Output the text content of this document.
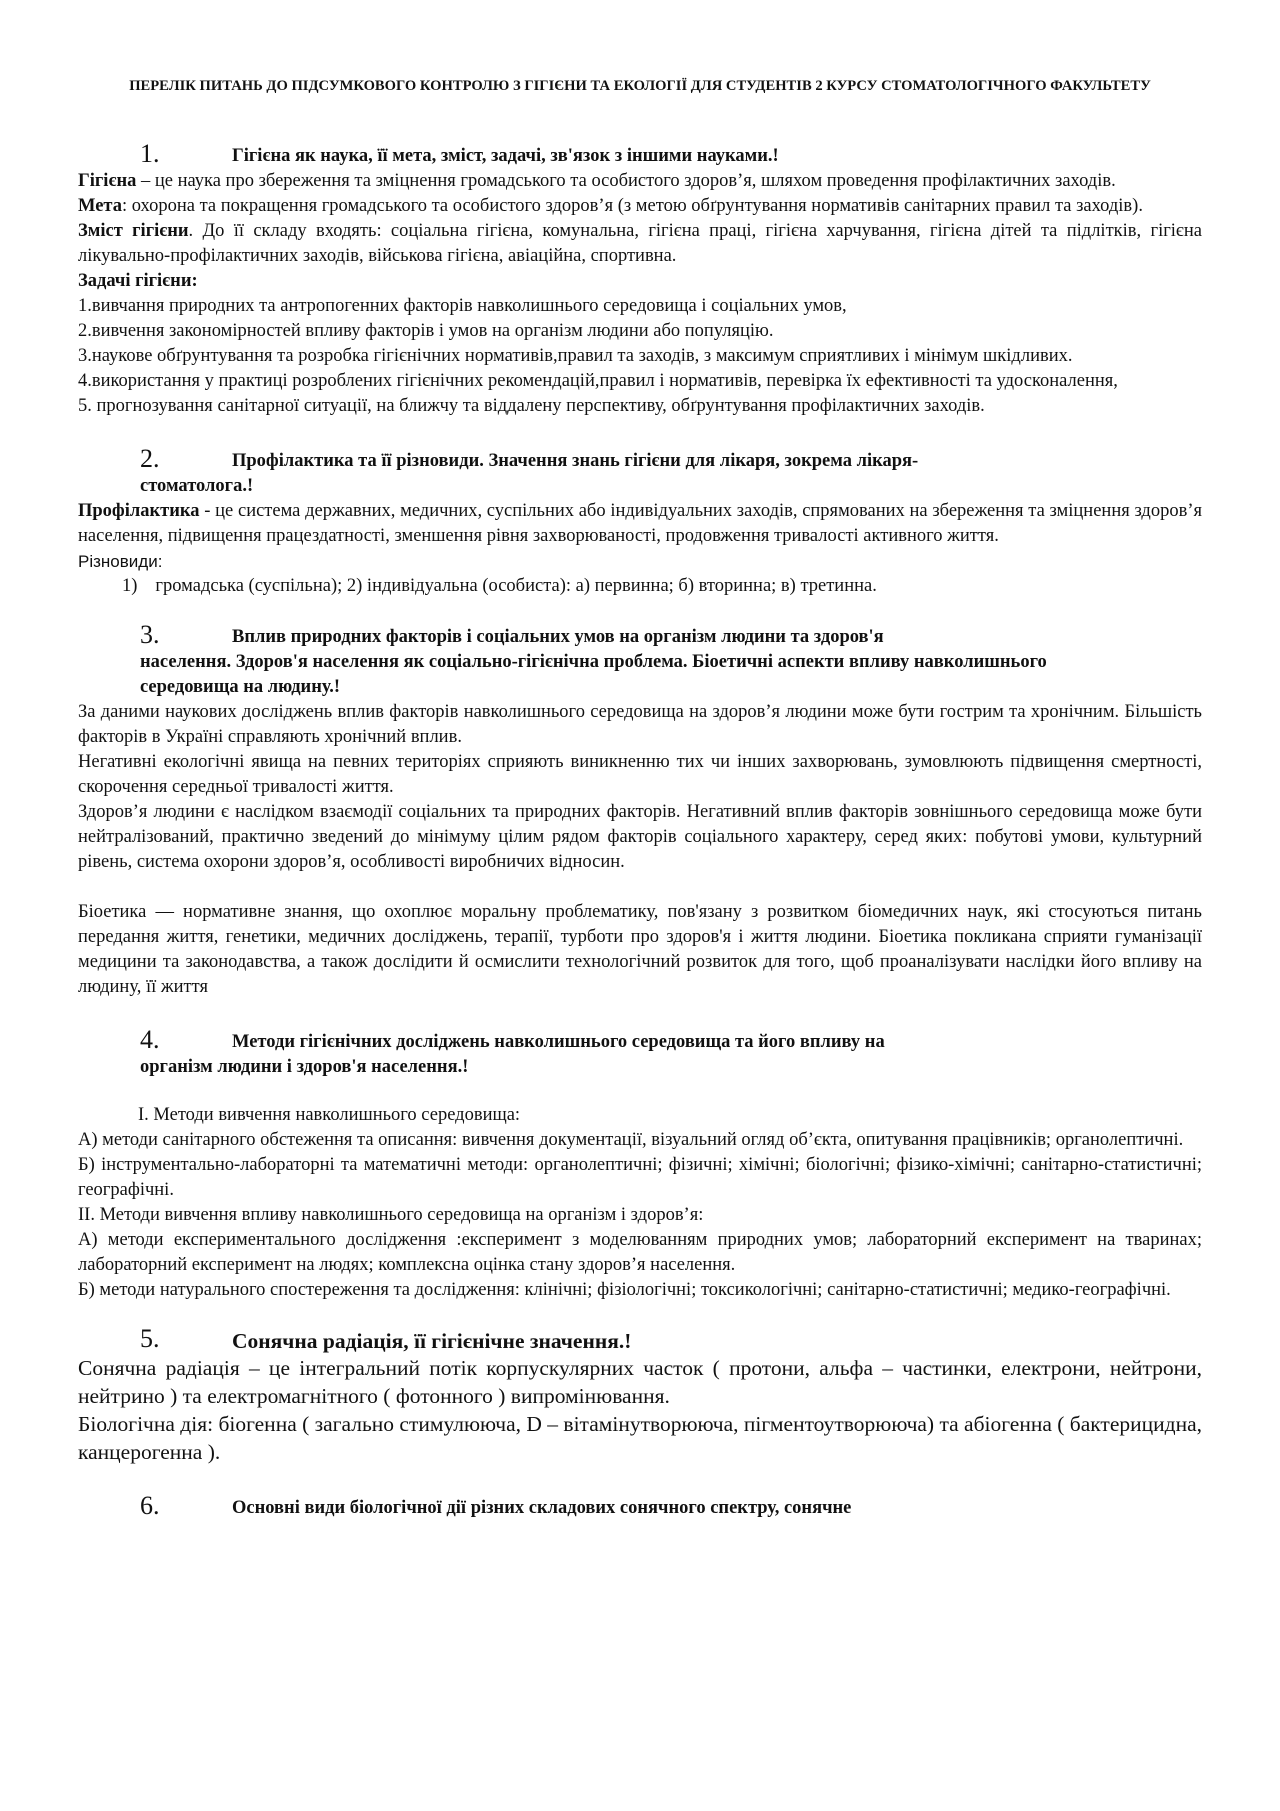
ПЕРЕЛІК ПИТАНЬ ДО ПІДСУМКОВОГО КОНТРОЛЮ З ГІГІЄНИ ТА ЕКОЛОГІЇ ДЛЯ СТУДЕНТІВ 2 КУРСУ СТОМАТОЛОГІЧНОГО ФАКУЛЬТЕТУ
1.	Гігієна як наука, її мета, зміст, задачі, зв'язок з іншими науками.!

Гігієна – це наука про збереження та зміцнення громадського та особистого здоров’я, шляхом проведення профілактичних заходів.

Мета: охорона та покращення громадського та особистого здоров’я (з метою обґрунтування нормативів санітарних правил та заходів).

Зміст гігієни. До її складу входять: соціальна гігієна, комунальна, гігієна праці, гігієна харчування, гігієна дітей та підлітків, гігієна лікувально-профілактичних заходів, військова гігієна, авіаційна, спортивна.

Задачі гігієни:

1.вивчання природних та антропогенних факторів навколишнього середовища і соціальних умов,

2.вивчення закономірностей впливу факторів і умов на організм людини або популяцію.

3.наукове обґрунтування та розробка гігієнічних нормативів,правил та заходів, з максимум сприятливих і мінімум шкідливих.

4.використання у практиці розроблених гігієнічних рекомендацій,правил і нормативів, перевірка їх ефективності та удосконалення,

5. прогнозування санітарної ситуації, на ближчу та віддалену перспективу, обґрунтування профілактичних заходів.

2.	Профілактика та її різновиди. Значення знань гігієни для лікаря, зокрема лікаря-
стоматолога.!

Профілактика - це система державних, медичних, суспільних або індивідуальних заходів, спрямованих на збереження та зміцнення здоров’я населення, підвищення працездатності, зменшення рівня захворюваності, продовження тривалості активного життя.

Різновиди:

1) громадська (суспільна); 2) індивідуальна (особиста): а) первинна; б) вторинна; в) третинна.

3.	Вплив природних факторів і соціальних умов на організм людини та здоров'я
населення. Здоров'я населення як соціально-гігієнічна проблема. Біоетичні аспекти впливу навколишнього
середовища на людину.!

За даними наукових досліджень вплив факторів навколишнього середовища на здоров’я людини може бути гострим та хронічним. Більшість факторів в Україні справляють хронічний вплив.

Негативні екологічні явища на певних територіях сприяють виникненню тих чи інших захворювань, зумовлюють підвищення смертності, скорочення середньої тривалості життя.

Здоров’я людини є наслідком взаємодії соціальних та природних факторів. Негативний вплив факторів зовнішнього середовища може бути нейтралізований, практично зведений до мінімуму цілим рядом факторів соціального характеру, серед яких: побутові умови, культурний рівень, система охорони здоров’я, особливості виробничих відносин.

Біоетика — нормативне знання, що охоплює моральну проблематику, пов'язану з розвитком біомедичних наук, які стосуються питань передання життя, генетики, медичних досліджень, терапії, турботи про здоров'я і життя людини. Біоетика покликана сприяти гуманізації медицини та законодавства, а також дослідити й осмислити технологічний розвиток для того, щоб проаналізувати наслідки його впливу на людину, її життя

4.	Методи гігієнічних досліджень навколишнього середовища та його впливу на
організм людини і здоров'я населення.!

I. Методи вивчення навколишнього середовища:

А) методи санітарного обстеження та описання: вивчення документації, візуальний огляд об’єкта, опитування працівників; органолептичні.

Б) інструментально-лабораторні та математичні методи: органолептичні; фізичні; хімічні; біологічні; фізико-хімічні; санітарно-статистичні; географічні.

ІІ. Методи вивчення впливу навколишнього середовища на організм і здоров’я:

А) методи експериментального дослідження :експеримент з моделюванням природних умов; лабораторний експеримент на тваринах; лабораторний експеримент на людях; комплексна оцінка стану здоров’я населення.

Б) методи натурального спостереження та дослідження: клінічні; фізіологічні; токсикологічні; санітарно-статистичні; медико-географічні.

5.	Сонячна радіація, її гігієнічне значення.!

Сонячна радіація – це інтегральний потік корпускулярних часток ( протони, альфа – частинки, електрони, нейтрони, нейтрино ) та електромагнітного ( фотонного ) випромінювання.

Біологічна дія: біогенна ( загально стимулююча, D – вітамінутворююча, пігментоутворююча) та абіогенна ( бактерицидна, канцерогенна ).

6.	Основні види біологічної дії різних складових сонячного спектру, сонячне
